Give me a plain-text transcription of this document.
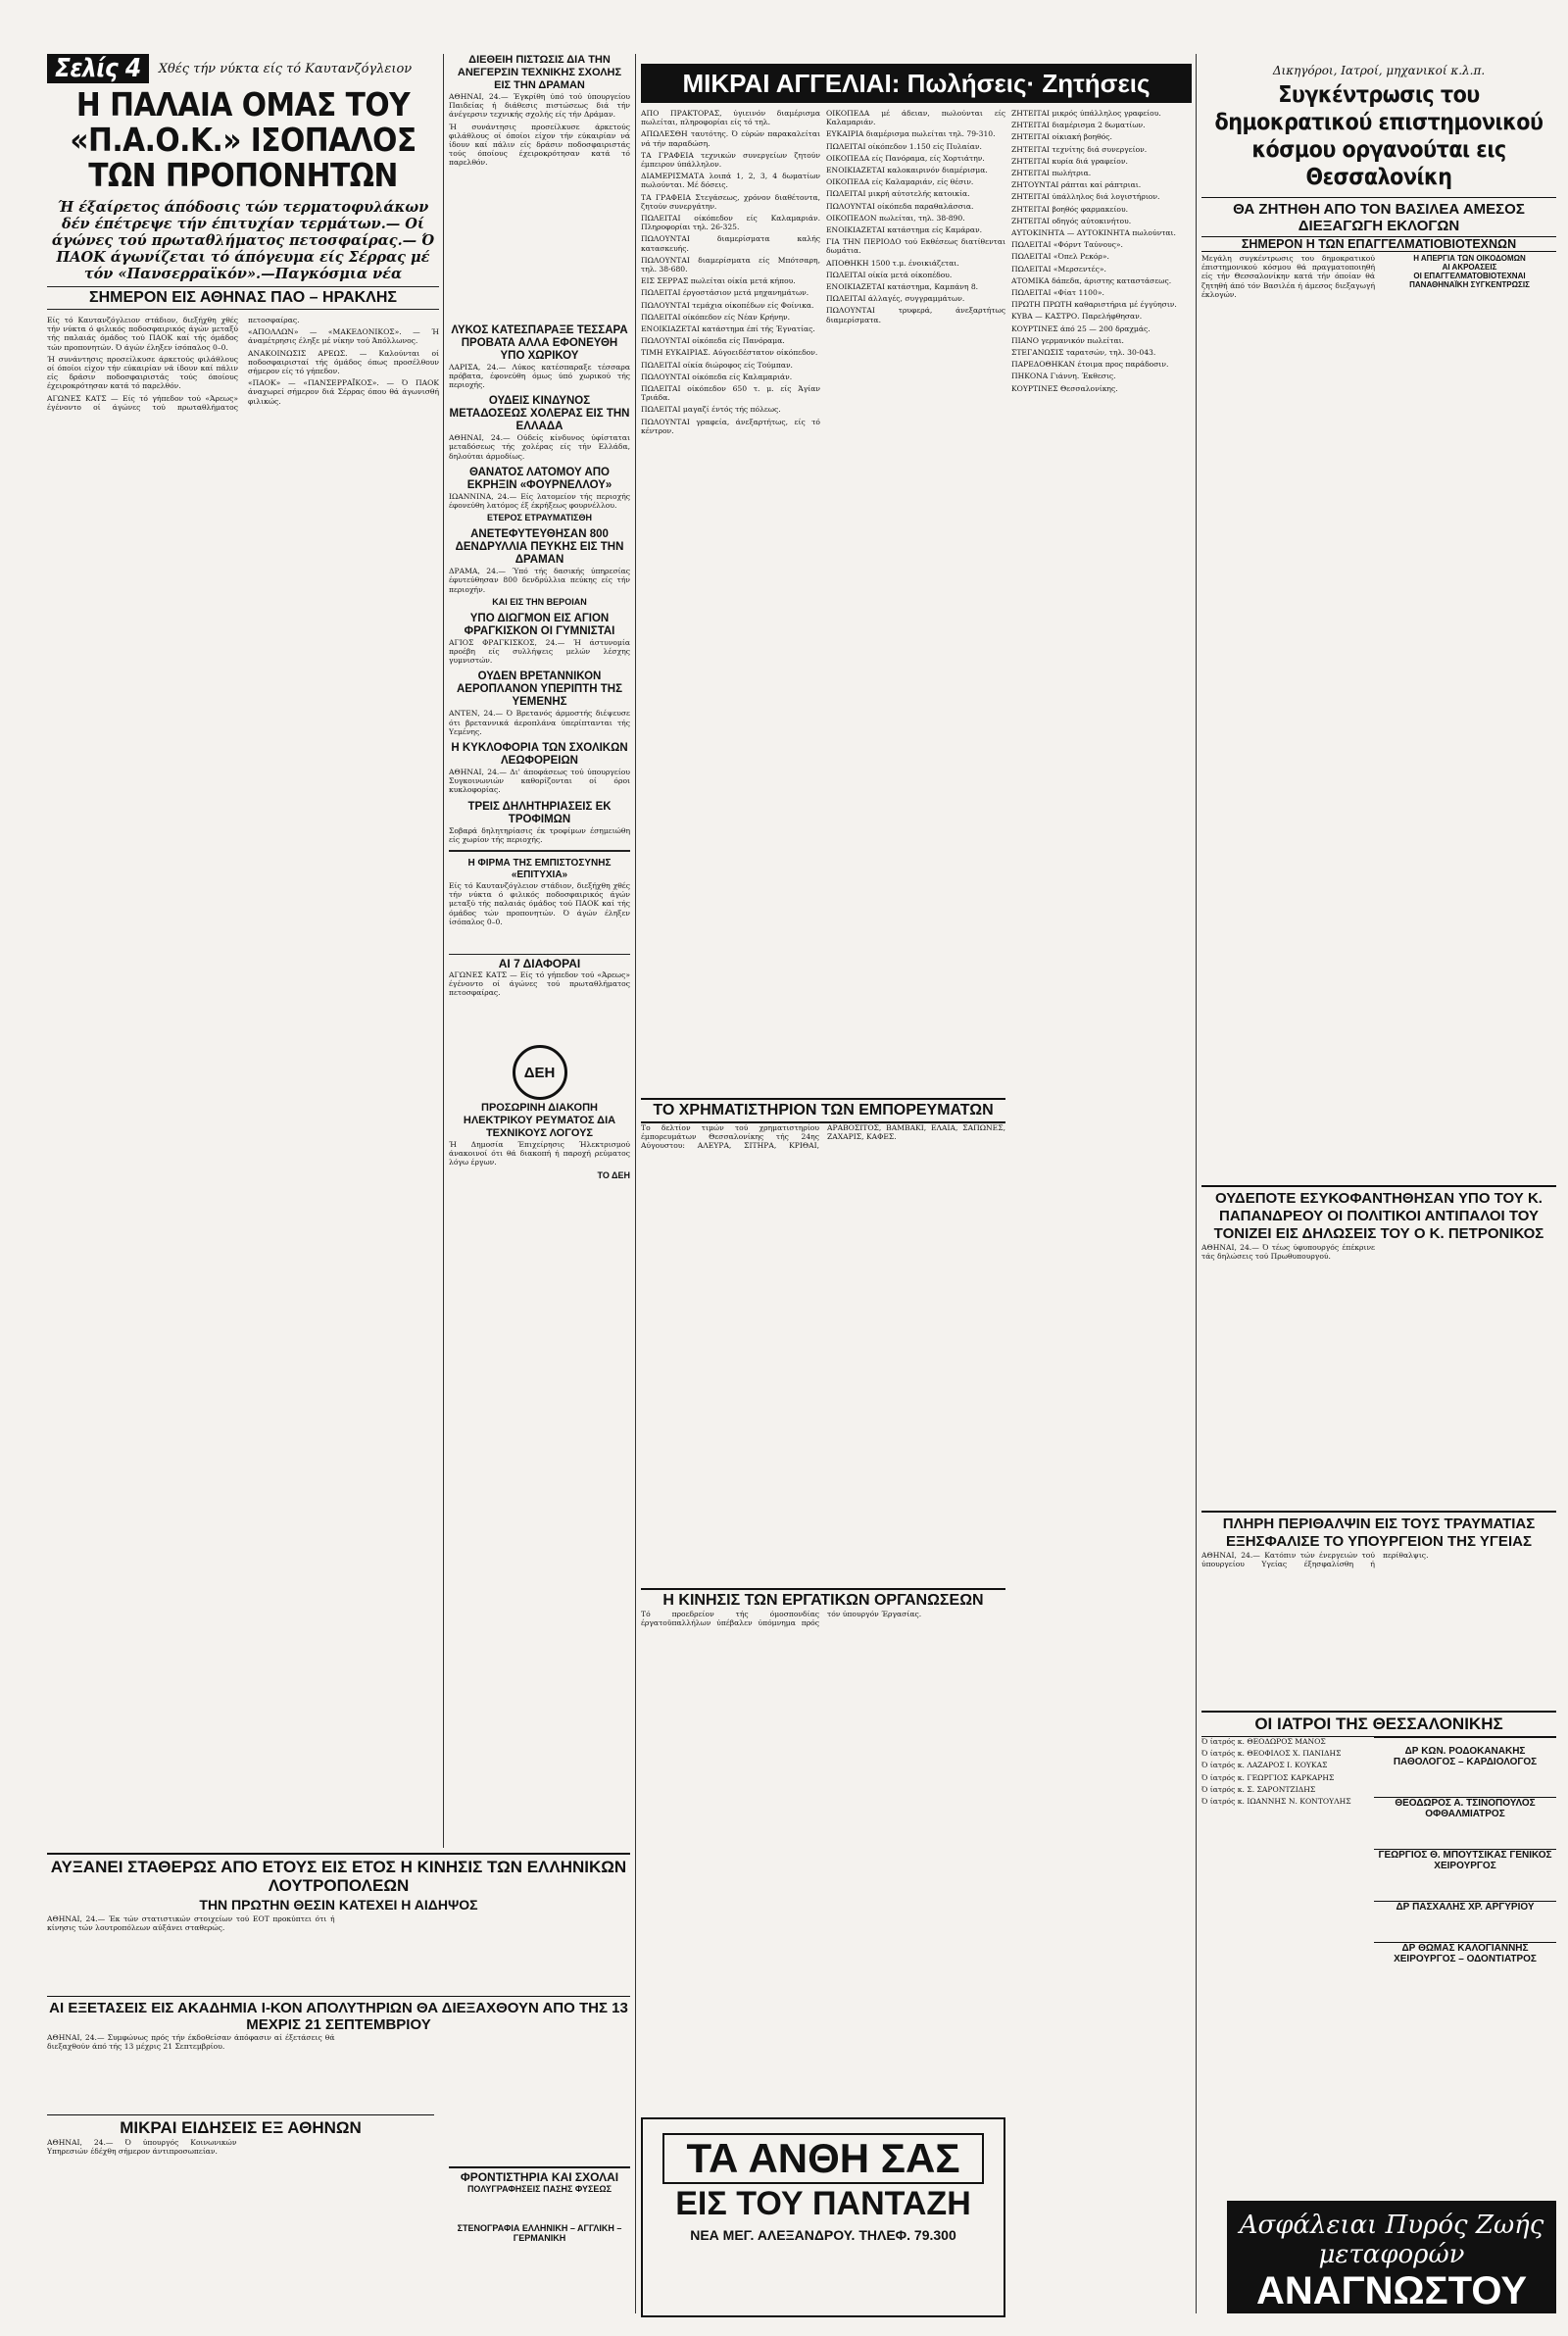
Σελίς 4	Χθές τήν νύκτα είς τό Καυτανζόγλειον
Η ΠΑΛΑΙΑ ΟΜΑΣ ΤΟΥ «Π.Α.Ο.Κ.» ΙΣΟΠΑΛΟΣ ΤΩΝ ΠΡΟΠΟΝΗΤΩΝ
Ή έξαίρετος άπόδοσις τών τερματοφυλάκων δέν έπέτρεψε τήν έπιτυχίαν τερμάτων.— Οί άγώνες τού πρωταθλήματος πετοσφαίρας.— Ό ΠΑΟΚ άγωνίζεται τό άπόγευμα είς Σέρρας μέ τόν «Πανσερραϊκόν».—Παγκόσμια νέα
ΣΗΜΕΡΟΝ ΕΙΣ ΑΘΗΝΑΣ ΠΑΟ – ΗΡΑΚΛΗΣ

Είς τό Καυτανζόγλειον στάδιον, διεξήχθη χθές τήν νύκτα ό φιλικός ποδοσφαιρικός άγών μεταξύ τής παλαιάς όμάδος τού ΠΑΟΚ καί τής όμάδος τών προπονητών. Ό άγών έληξεν ίσόπαλος 0–0.

Ή συνάντησις προσείλκυσε άρκετούς φιλάθλους οί όποίοι είχον τήν εύκαιρίαν νά ίδουν καί πάλιν είς δράσιν ποδοσφαιριστάς τούς όποίους έχειροκρότησαν κατά τό παρελθόν.

ΑΓΩΝΕΣ ΚΑΤΣ — Είς τό γήπεδον τού «Άρεως» έγένοντο οί άγώνες τού πρωταθλήματος πετοσφαίρας.

«ΑΠΟΛΛΩΝ» — «ΜΑΚΕΔΟΝΙΚΟΣ». — Ή άναμέτρησις έληξε μέ νίκην τού Άπόλλωνος.

ΑΝΑΚΟΙΝΩΣΙΣ ΑΡΕΩΣ. — Καλούνται οί ποδοσφαιρισταί τής όμάδος όπως προσέλθουν σήμερον είς τό γήπεδον.

«ΠΑΟΚ» — «ΠΑΝΣΕΡΡΑΪΚΟΣ». — Ό ΠΑΟΚ άναχωρεί σήμερον διά Σέρρας όπου θά άγωνισθή φιλικώς.

ΔΙΕΘΕΙΗ ΠΙΣΤΩΣΙΣ ΔΙΑ ΤΗΝ ΑΝΕΓΕΡΣΙΝ ΤΕΧΝΙΚΗΣ ΣΧΟΛΗΣ ΕΙΣ ΤΗΝ ΔΡΑΜΑΝ
ΑΘΗΝΑΙ, 24.— Έγκρίθη ύπό τού ύπουργείου Παιδείας ή διάθεσις πιστώσεως διά τήν άνέγερσιν τεχνικής σχολής είς τήν Δράμαν.
Ή συνάντησις προσείλκυσε άρκετούς φιλάθλους οί όποίοι είχον τήν εύκαιρίαν νά ίδουν καί πάλιν είς δράσιν ποδοσφαιριστάς τούς όποίους έχειροκρότησαν κατά τό παρελθόν.
ΛΥΚΟΣ ΚΑΤΕΣΠΑΡΑΞΕ ΤΕΣΣΑΡΑ ΠΡΟΒΑΤΑ ΑΛΛΑ ΕΦΟΝΕΥΘΗ ΥΠΟ ΧΩΡΙΚΟΥ
ΛΑΡΙΣΑ, 24.— Λύκος κατέσπαραξε τέσσαρα πρόβατα, έφονεύθη όμως ύπό χωρικού τής περιοχής.
ΟΥΔΕΙΣ ΚΙΝΔΥΝΟΣ ΜΕΤΑΔΟΣΕΩΣ ΧΟΛΕΡΑΣ ΕΙΣ ΤΗΝ ΕΛΛΑΔΑ
ΑΘΗΝΑΙ, 24.— Ούδείς κίνδυνος ύφίσταται μεταδόσεως τής χολέρας είς τήν Ελλάδα, δηλούται άρμοδίως.
ΘΑΝΑΤΟΣ ΛΑΤΟΜΟΥ ΑΠΟ ΕΚΡΗΞΙΝ «ΦΟΥΡΝΕΛΛΟΥ»
ΙΩΑΝΝΙΝΑ, 24.— Είς λατομείον τής περιοχής έφονεύθη λατόμος έξ έκρήξεως φουρνέλλου.
ΕΤΕΡΟΣ ΕΤΡΑΥΜΑΤΙΣΘΗ
ΑΝΕΤΕΦΥΤΕΥΘΗΣΑΝ 800 ΔΕΝΔΡΥΛΛΙΑ ΠΕΥΚΗΣ ΕΙΣ ΤΗΝ ΔΡΑΜΑΝ
ΔΡΑΜΑ, 24.— Ύπό τής δασικής ύπηρεσίας έφυτεύθησαν 800 δενδρύλλια πεύκης είς τήν περιοχήν.
ΚΑΙ ΕΙΣ ΤΗΝ ΒΕΡΟΙΑΝ
ΥΠΟ ΔΙΩΓΜΟΝ ΕΙΣ ΑΓΙΟΝ ΦΡΑΓΚΙΣΚΟΝ ΟΙ ΓΥΜΝΙΣΤΑΙ
ΑΓΙΟΣ ΦΡΑΓΚΙΣΚΟΣ, 24.— Ή άστυνομία προέβη είς συλλήψεις μελών λέσχης γυμνιστών.
ΟΥΔΕΝ ΒΡΕΤΑΝΝΙΚΟΝ ΑΕΡΟΠΛΑΝΟΝ ΥΠΕΡΙΠΤΗ ΤΗΣ ΥΕΜΕΝΗΣ
ΑΝΤΕΝ, 24.— Ό Βρετανός άρμοστής διέψευσε ότι βρεταννικά άεροπλάνα ύπερίπτανται τής Υεμένης.
Η ΚΥΚΛΟΦΟΡΙΑ ΤΩΝ ΣΧΟΛΙΚΩΝ ΛΕΩΦΟΡΕΙΩΝ
ΑΘΗΝΑΙ, 24.— Δι' άποφάσεως τού ύπουργείου Συγκοινωνιών καθορίζονται οί όροι κυκλοφορίας.
ΤΡΕΙΣ ΔΗΛΗΤΗΡΙΑΣΕΙΣ ΕΚ ΤΡΟΦΙΜΩΝ
Σοβαρά δηλητηρίασις έκ τροφίμων έσημειώθη είς χωρίον τής περιοχής.
Η ΦΙΡΜΑ ΤΗΣ ΕΜΠΙΣΤΟΣΥΝΗΣ «ΕΠΙΤΥΧΙΑ»
Είς τό Καυτανζόγλειον στάδιον, διεξήχθη χθές τήν νύκτα ό φιλικός ποδοσφαιρικός άγών μεταξύ τής παλαιάς όμάδος τού ΠΑΟΚ καί τής όμάδος τών προπονητών. Ό άγών έληξεν ίσόπαλος 0–0.
ΑΙ 7 ΔΙΑΦΟΡΑΙ
ΑΓΩΝΕΣ ΚΑΤΣ — Είς τό γήπεδον τού «Άρεως» έγένοντο οί άγώνες τού πρωταθλήματος πετοσφαίρας.
ΔΕΗ
ΠΡΟΣΩΡΙΝΗ ΔΙΑΚΟΠΗ ΗΛΕΚΤΡΙΚΟΥ ΡΕΥΜΑΤΟΣ ΔΙΑ ΤΕΧΝΙΚΟΥΣ ΛΟΓΟΥΣ
Ή Δημοσία Έπιχείρησις Ήλεκτρισμού άνακοινοί ότι θά διακοπή ή παροχή ρεύματος λόγω έργων.
ΤΟ ΔΕΗ
ΑΥΞΑΝΕΙ ΣΤΑΘΕΡΩΣ ΑΠΟ ΕΤΟΥΣ ΕΙΣ ΕΤΟΣ Η ΚΙΝΗΣΙΣ ΤΩΝ ΕΛΛΗΝΙΚΩΝ ΛΟΥΤΡΟΠΟΛΕΩΝ
ΤΗΝ ΠΡΩΤΗΝ ΘΕΣΙΝ ΚΑΤΕΧΕΙ Η ΑΙΔΗΨΟΣ
ΑΘΗΝΑΙ, 24.— Έκ τών στατιστικών στοιχείων τού ΕΟΤ προκύπτει ότι ή κίνησις τών λουτροπόλεων αύξάνει σταθερώς.
ΑΙ ΕΞΕΤΑΣΕΙΣ ΕΙΣ ΑΚΑΔΗΜΙΑ Ι-ΚΟΝ ΑΠΟΛΥΤΗΡΙΩΝ ΘΑ ΔΙΕΞΑΧΘΟΥΝ ΑΠΟ ΤΗΣ 13 ΜΕΧΡΙΣ 21 ΣΕΠΤΕΜΒΡΙΟΥ
ΑΘΗΝΑΙ, 24.— Συμφώνως πρός τήν έκδοθείσαν άπόφασιν αί έξετάσεις θά διεξαχθούν άπό τής 13 μέχρις 21 Σεπτεμβρίου.
ΜΙΚΡΑΙ ΕΙΔΗΣΕΙΣ ΕΞ ΑΘΗΝΩΝ
ΑΘΗΝΑΙ, 24.— Ό ύπουργός Κοινωνικών Υπηρεσιών έδέχθη σήμερον άντιπροσωπείαν.
ΦΡΟΝΤΙΣΤΗΡΙΑ ΚΑΙ ΣΧΟΛΑΙ
ΠΟΛΥΓΡΑΦΗΣΕΙΣ ΠΑΣΗΣ ΦΥΣΕΩΣ
ΣΤΕΝΟΓΡΑΦΙΑ ΕΛΛΗΝΙΚΗ – ΑΓΓΛΙΚΗ – ΓΕΡΜΑΝΙΚΗ
ΜΙΚΡΑΙ ΑΓΓΕΛΙΑΙ: Πωλήσεις· Ζητήσεις

ΑΠΟ ΠΡΑΚΤΟΡΑΣ, ύγιεινόν διαμέρισμα πωλείται, πληροφορίαι είς τό τηλ.

ΑΠΩΛΕΣΘΗ ταυτότης. Ό εύρών παρακαλείται νά τήν παραδώση.

ΤΑ ΓΡΑΦΕΙΑ τεχνικών συνεργείων ζητούν έμπειρον ύπάλληλον.

ΔΙΑΜΕΡΙΣΜΑΤΑ λοιπά 1, 2, 3, 4 δωματίων πωλούνται. Μέ δόσεις.

ΤΑ ΓΡΑΦΕΙΑ Στεγάσεως, χρόνον διαθέτοντα, ζητούν συνεργάτην.

ΠΩΛΕΙΤΑΙ οίκόπεδον είς Καλαμαριάν. Πληροφορίαι τηλ. 26-325.

ΠΩΛΟΥΝΤΑΙ διαμερίσματα καλής κατασκευής.

ΠΩΛΟΥΝΤΑΙ διαμερίσματα είς Μπότσαρη, τηλ. 38-680.

ΕΙΣ ΣΕΡΡΑΣ πωλείται οίκία μετά κήπου.

ΠΩΛΕΙΤΑΙ έργοστάσιον μετά μηχανημάτων.

ΠΩΛΟΥΝΤΑΙ τεμάχια οίκοπέδων είς Φοίνικα.

ΠΩΛΕΙΤΑΙ οίκόπεδον είς Νέαν Κρήνην.

ΕΝΟΙΚΙΑΖΕΤΑΙ κατάστημα έπί τής Έγνατίας.

ΠΩΛΟΥΝΤΑΙ οίκόπεδα είς Πανόραμα.

ΤΙΜΗ ΕΥΚΑΙΡΙΑΣ. Αύγοειδέστατον οίκόπεδον.

ΠΩΛΕΙΤΑΙ οίκία διώροφος είς Τούμπαν.

ΠΩΛΟΥΝΤΑΙ οίκόπεδα είς Καλαμαριάν.

ΠΩΛΕΙΤΑΙ οίκόπεδον 650 τ. μ. είς Άγίαν Τριάδα.

ΠΩΛΕΙΤΑΙ μαγαζί έντός τής πόλεως.

ΠΩΛΟΥΝΤΑΙ γραφεία, άνεξαρτήτως, είς τό κέντρον.

ΟΙΚΟΠΕΔΑ μέ άδειαν, πωλούνται είς Καλαμαριάν.

ΕΥΚΑΙΡΙΑ διαμέρισμα πωλείται τηλ. 79-310.

ΠΩΛΕΙΤΑΙ οίκόπεδον 1.150 είς Πυλαίαν.

ΟΙΚΟΠΕΔΑ είς Πανόραμα, είς Χορτιάτην.

ΕΝΟΙΚΙΑΖΕΤΑΙ καλοκαιρινόν διαμέρισμα.

ΟΙΚΟΠΕΔΑ είς Καλαμαριάν, είς θέσιν.

ΠΩΛΕΙΤΑΙ μικρή αύτοτελής κατοικία.

ΠΩΛΟΥΝΤΑΙ οίκόπεδα παραθαλάσσια.

ΟΙΚΟΠΕΔΟΝ πωλείται, τηλ. 38-890.

ΕΝΟΙΚΙΑΖΕΤΑΙ κατάστημα είς Καμάραν.

ΓΙΑ ΤΗΝ ΠΕΡΙΟΔΟ τού Εκθέσεως διατίθενται δωμάτια.

ΑΠΟΘΗΚΗ 1500 τ.μ. ένοικιάζεται.

ΠΩΛΕΙΤΑΙ οίκία μετά οίκοπέδου.

ΕΝΟΙΚΙΑΖΕΤΑΙ κατάστημα, Καμπάνη 8.

ΠΩΛΕΙΤΑΙ άλλαγές, συγγραμμάτων.

ΠΩΛΟΥΝΤΑΙ τρυφερά, άνεξαρτήτως διαμερίσματα.

ΖΗΤΕΙΤΑΙ μικρός ύπάλληλος γραφείου.

ΖΗΤΕΙΤΑΙ διαμέρισμα 2 δωματίων.

ΖΗΤΕΙΤΑΙ οίκιακή βοηθός.

ΖΗΤΕΙΤΑΙ τεχνίτης διά συνεργείον.

ΖΗΤΕΙΤΑΙ κυρία διά γραφείον.

ΖΗΤΕΙΤΑΙ πωλήτρια.

ΖΗΤΟΥΝΤΑΙ ράπται καί ράπτριαι.

ΖΗΤΕΙΤΑΙ ύπάλληλος διά λογιστήριον.

ΖΗΤΕΙΤΑΙ βοηθός φαρμακείου.

ΖΗΤΕΙΤΑΙ οδηγός αύτοκινήτου.

ΑΥΤΟΚΙΝΗΤΑ — ΑΥΤΟΚΙΝΗΤΑ πωλούνται.

ΠΩΛΕΙΤΑΙ «Φόρντ Ταύνους».

ΠΩΛΕΙΤΑΙ «Όπελ Ρεκόρ».

ΠΩΛΕΙΤΑΙ «Μερσεντές».

ΑΤΟΜΙΚΑ δάπεδα, άριστης καταστάσεως.

ΠΩΛΕΙΤΑΙ «Φίατ 1100».

ΠΡΩΤΗ ΠΡΩΤΗ καθαριστήρια μέ έγγύησιν.

ΚΥΒΑ — ΚΑΣΤΡΟ. Παρελήφθησαν.

ΚΟΥΡΤΙΝΕΣ άπό 25 — 200 δραχμάς.

ΠΙΑΝΟ γερμανικόν πωλείται.

ΣΤΕΓΑΝΩΣΙΣ ταρατσών, τηλ. 30-043.

ΠΑΡΕΔΟΘΗΚΑΝ έτοιμα προς παράδοσιν.

ΠΗΚΟΝΑ Γιάννη. Έκθεσις.

ΚΟΥΡΤΙΝΕΣ Θεσσαλονίκης.

ΤΟ ΧΡΗΜΑΤΙΣΤΗΡΙΟΝ ΤΩΝ ΕΜΠΟΡΕΥΜΑΤΩΝ
Το δελτίον τιμών τού χρηματιστηρίου έμπορευμάτων Θεσσαλονίκης τής 24ης Αύγουστου: ΑΛΕΥΡΑ, ΣΙΤΗΡΑ, ΚΡΙΘΑΙ, ΑΡΑΒΟΣΙΤΟΣ, ΒΑΜΒΑΚΙ, ΕΛΑΙΑ, ΣΑΠΩΝΕΣ, ΖΑΧΑΡΙΣ, ΚΑΦΕΣ.
Η ΚΙΝΗΣΙΣ ΤΩΝ ΕΡΓΑΤΙΚΩΝ ΟΡΓΑΝΩΣΕΩΝ
Τό προεδρείον τής όμοσπονδίας έργατοϋπαλλήλων ύπέβαλεν ύπόμνημα πρός τόν ύπουργόν Έργασίας.
ΤΑ ΑΝΘΗ ΣΑΣ
ΕΙΣ ΤΟΥ ΠΑΝΤΑΖΗ
ΝΕΑ ΜΕΓ. ΑΛΕΞΑΝΔΡΟΥ. ΤΗΛΕΦ. 79.300
Δικηγόροι, Ιατροί, μηχανικοί κ.λ.π.
Συγκέντρωσις του δημοκρατικού επιστημονικού κόσμου οργανούται εις Θεσσαλονίκη
ΘΑ ΖΗΤΗΘΗ ΑΠΟ ΤΟΝ ΒΑΣΙΛΕΑ ΑΜΕΣΟΣ ΔΙΕΞΑΓΩΓΗ ΕΚΛΟΓΩΝ
ΣΗΜΕΡΟΝ Η ΤΩΝ ΕΠΑΓΓΕΛΜΑΤΙΟΒΙΟΤΕΧΝΩΝ
Μεγάλη συγκέντρωσις του δημοκρατικού έπιστημονικού κόσμου θά πραγματοποιηθή είς τήν Θεσσαλονίκην κατά τήν όποίαν θά ζητηθή άπό τόν Βασιλέα ή άμεσος διεξαγωγή έκλογών.
Η ΑΠΕΡΓΙΑ ΤΩΝ ΟΙΚΟΔΟΜΩΝ
ΑΙ ΑΚΡΟΑΣΕΙΣ
ΟΙ ΕΠΑΓΓΕΛΜΑΤΟΒΙΟΤΕΧΝΑΙ
ΠΑΝΑΘΗΝΑΪΚΗ ΣΥΓΚΕΝΤΡΩΣΙΣ
ΟΥΔΕΠΟΤΕ ΕΣΥΚΟΦΑΝΤΗΘΗΣΑΝ ΥΠΟ ΤΟΥ Κ. ΠΑΠΑΝΔΡΕΟΥ ΟΙ ΠΟΛΙΤΙΚΟΙ ΑΝΤΙΠΑΛΟΙ ΤΟΥ ΤΟΝΙΖΕΙ ΕΙΣ ΔΗΛΩΣΕΙΣ ΤΟΥ Ο Κ. ΠΕΤΡΟΝΙΚΟΣ
ΑΘΗΝΑΙ, 24.— Ό τέως ύφυπουργός έπέκρινε τάς δηλώσεις τού Πρωθυπουργού.
ΠΛΗΡΗ ΠΕΡΙΘΑΛΨΙΝ ΕΙΣ ΤΟΥΣ ΤΡΑΥΜΑΤΙΑΣ ΕΞΗΣΦΑΛΙΣΕ ΤΟ ΥΠΟΥΡΓΕΙΟΝ ΤΗΣ ΥΓΕΙΑΣ
ΑΘΗΝΑΙ, 24.— Κατόπιν τών ένεργειών τού ύπουργείου Υγείας έξησφαλίσθη ή περίθαλψις.
ΟΙ ΙΑΤΡΟΙ ΤΗΣ ΘΕΣΣΑΛΟΝΙΚΗΣ

Ό ίατρός κ. ΘΕΟΔΩΡΟΣ ΜΑΝΟΣ

Ό ίατρός κ. ΘΕΟΦΙΛΟΣ Χ. ΠΑΝΙΔΗΣ

Ό ίατρός κ. ΛΑΖΑΡΟΣ Ι. ΚΟΥΚΑΣ

Ό ίατρός κ. ΓΕΩΡΓΙΟΣ ΚΑΡΚΑΡΗΣ

Ό ίατρός κ. Σ. ΣΑΡΟΝΤΖΙΔΗΣ

Ό ίατρός κ. ΙΩΑΝΝΗΣ Ν. ΚΟΝΤΟΥΛΗΣ

ΔΡ ΚΩΝ. ΡΟΔΟΚΑΝΑΚΗΣ ΠΑΘΟΛΟΓΟΣ – ΚΑΡΔΙΟΛΟΓΟΣ
ΘΕΟΔΩΡΟΣ Α. ΤΣΙΝΟΠΟΥΛΟΣ ΟΦΘΑΛΜΙΑΤΡΟΣ
ΓΕΩΡΓΙΟΣ Θ. ΜΠΟΥΤΣΙΚΑΣ ΓΕΝΙΚΟΣ ΧΕΙΡΟΥΡΓΟΣ
ΔΡ ΠΑΣΧΑΛΗΣ ΧΡ. ΑΡΓΥΡΙΟΥ
ΔΡ ΘΩΜΑΣ ΚΑΛΟΓΙΑΝΝΗΣ ΧΕΙΡΟΥΡΓΟΣ – ΟΔΟΝΤΙΑΤΡΟΣ
Ασφάλειαι Πυρός Ζωής μεταφορών
ΑΝΑΓΝΩΣΤΟΥ
